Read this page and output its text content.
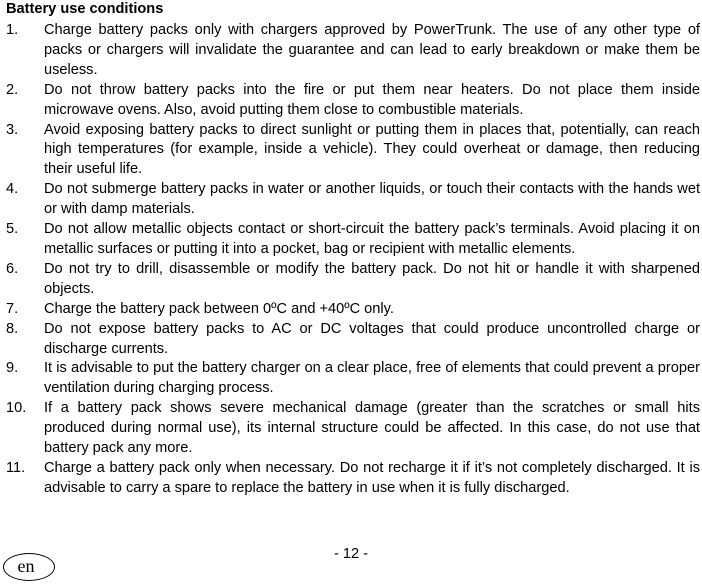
Battery use conditions
1.	Charge battery packs only with chargers approved by PowerTrunk. The use of any other type of packs or chargers will invalidate the guarantee and can lead to early breakdown or make them be useless.
2.	Do not throw battery packs into the fire or put them near heaters. Do not place them inside microwave ovens. Also, avoid putting them close to combustible materials.
3.	Avoid exposing battery packs to direct sunlight or putting them in places that, potentially, can reach high temperatures (for example, inside a vehicle). They could overheat or damage, then reducing their useful life.
4.	Do not submerge battery packs in water or another liquids, or touch their contacts with the hands wet or with damp materials.
5.	Do not allow metallic objects contact or short-circuit the battery pack’s terminals. Avoid placing it on metallic surfaces or putting it into a pocket, bag or recipient with metallic elements.
6.	Do not try to drill, disassemble or modify the battery pack. Do not hit or handle it with sharpened objects.
7.	Charge the battery pack between 0ºC and +40ºC only.
8.	Do not expose battery packs to AC or DC voltages that could produce uncontrolled charge or discharge currents.
9.	It is advisable to put the battery charger on a clear place, free of elements that could prevent a proper ventilation during charging process.
10.	If a battery pack shows severe mechanical damage (greater than the scratches or small hits produced during normal use), its internal structure could be affected. In this case, do not use that battery pack any more.
11.	Charge a battery pack only when necessary. Do not recharge it if it’s not completely discharged. It is advisable to carry a spare to replace the battery in use when it is fully discharged.
- 12 -
en
